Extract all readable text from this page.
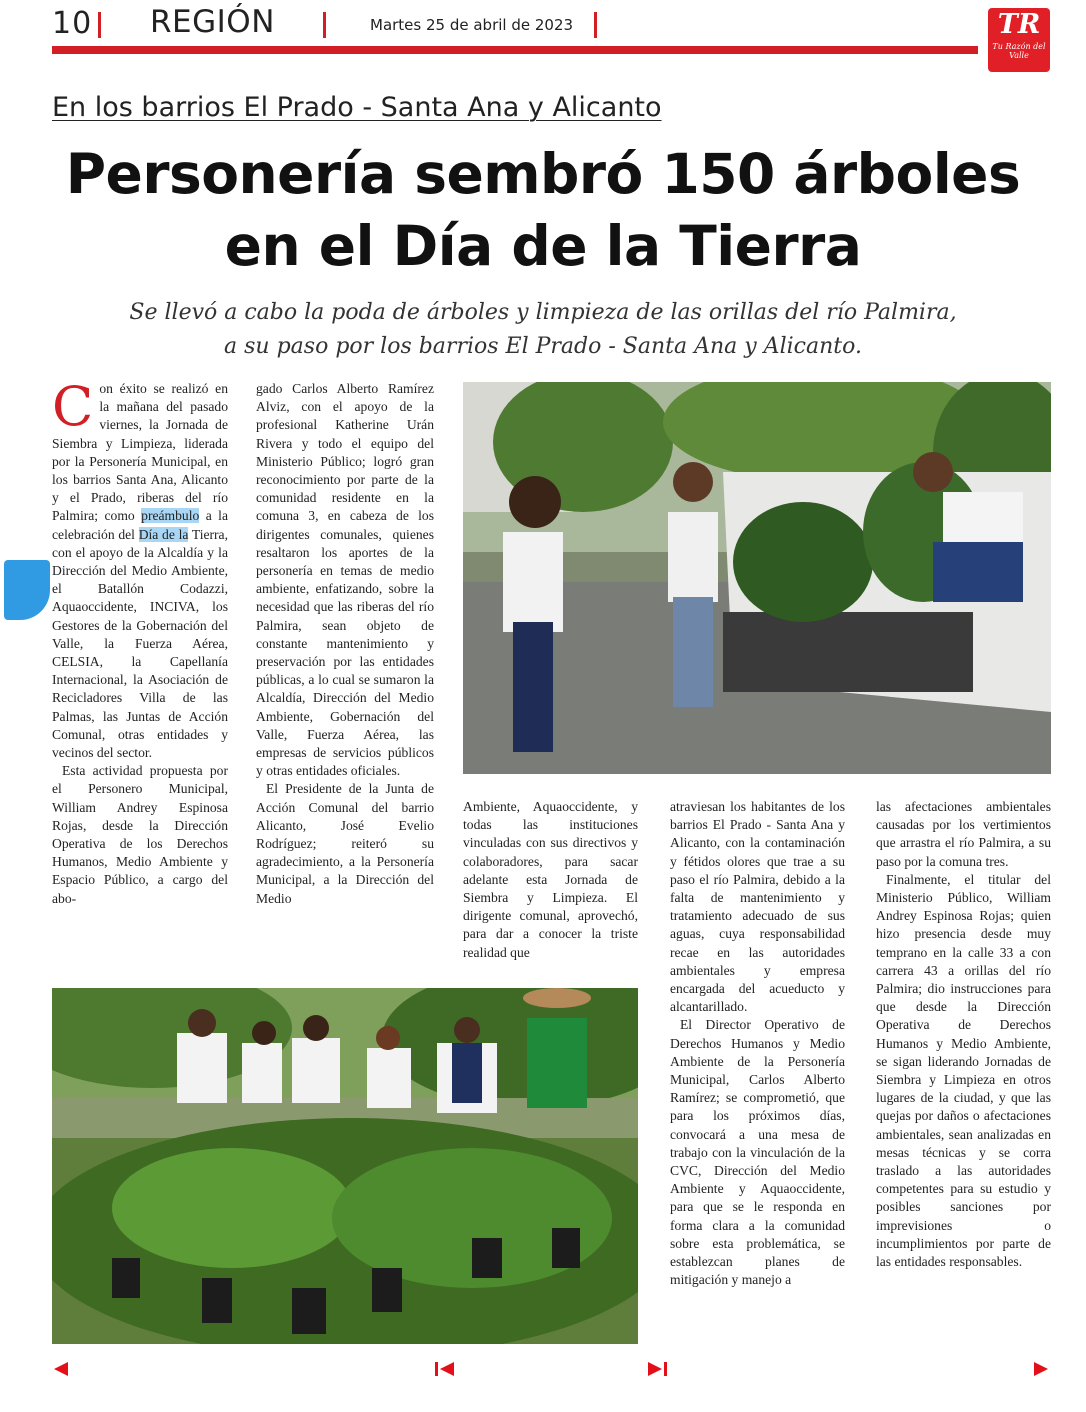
10 REGIÓN	Martes 25 de abril de 2023	TR
Tu Razón del Valle
En los barrios El Prado - Santa Ana y Alicanto
Personería sembró 150 árboles
en el Día de la Tierra
Se llevó a cabo la poda de árboles y limpieza de las orillas del río Palmira,
a su paso por los barrios El Prado - Santa Ana y Alicanto.

Con éxito se realizó en la mañana del pasado viernes, la Jornada de Siembra y Limpieza, liderada por la Personería Municipal, en los barrios Santa Ana, Alicanto y el Prado, riberas del río Palmira; como preámbulo a la celebración del Día de la Tierra, con el apoyo de la Alcaldía y la Dirección del Medio Ambiente, el Batallón Codazzi, Aquaoccidente, INCIVA, los Gestores de la Gobernación del Valle, la Fuerza Aérea, CELSIA, la Capellanía Internacional, la Asociación de Recicladores Villa de las Palmas, las Juntas de Acción Comunal, otras entidades y vecinos del sector.

Esta actividad propuesta por el Personero Municipal, William Andrey Espinosa Rojas, desde la Dirección Operativa de los Derechos Humanos, Medio Ambiente y Espacio Público, a cargo del abo-

gado Carlos Alberto Ramírez Alviz, con el apoyo de la profesional Katherine Urán Rivera y todo el equipo del Ministerio Público; logró gran reconocimiento por parte de la comunidad residente en la comuna 3, en cabeza de los dirigentes comunales, quienes resaltaron los aportes de la personería en temas de medio ambiente, enfatizando, sobre la necesidad que las riberas del río Palmira, sean objeto de constante mantenimiento y preservación por las entidades públicas, a lo cual se sumaron la Alcaldía, Dirección del Medio Ambiente, Gobernación del Valle, Fuerza Aérea, las empresas de servicios públicos y otras entidades oficiales.

El Presidente de la Junta de Acción Comunal del barrio Alicanto, José Evelio Rodríguez; reiteró su agradecimiento, a la Personería Municipal, a la Dirección del Medio

Ambiente, Aquaoccidente, y todas las instituciones vinculadas con sus directivos y colaboradores, para sacar adelante esta Jornada de Siembra y Limpieza. El dirigente comunal, aprovechó, para dar a conocer la triste realidad que

atraviesan los habitantes de los barrios El Prado - Santa Ana y Alicanto, con la contaminación y fétidos olores que trae a su paso el río Palmira, debido a la falta de mantenimiento y tratamiento adecuado de sus aguas, cuya responsabilidad recae en las autoridades ambientales y empresa encargada del acueducto y alcantarillado.

El Director Operativo de Derechos Humanos y Medio Ambiente de la Personería Municipal, Carlos Alberto Ramírez; se comprometió, que para los próximos días, convocará a una mesa de trabajo con la vinculación de la CVC, Dirección del Medio Ambiente y Aquaoccidente, para que se le responda en forma clara a la comunidad sobre esta problemática, se establezcan planes de mitigación y manejo a

las afectaciones ambientales causadas por los vertimientos que arrastra el río Palmira, a su paso por la comuna tres.

Finalmente, el titular del Ministerio Público, William Andrey Espinosa Rojas; quien hizo presencia desde muy temprano en la calle 33 a con carrera 43 a orillas del río Palmira; dio instrucciones para que desde la Dirección Operativa de Derechos Humanos y Medio Ambiente, se sigan liderando Jornadas de Siembra y Limpieza en otros lugares de la ciudad, y que las quejas por daños o afectaciones ambientales, sean analizadas en mesas técnicas y se corra traslado a las autoridades competentes para su estudio y posibles sanciones por imprevisiones o incumplimientos por parte de las entidades responsables.
